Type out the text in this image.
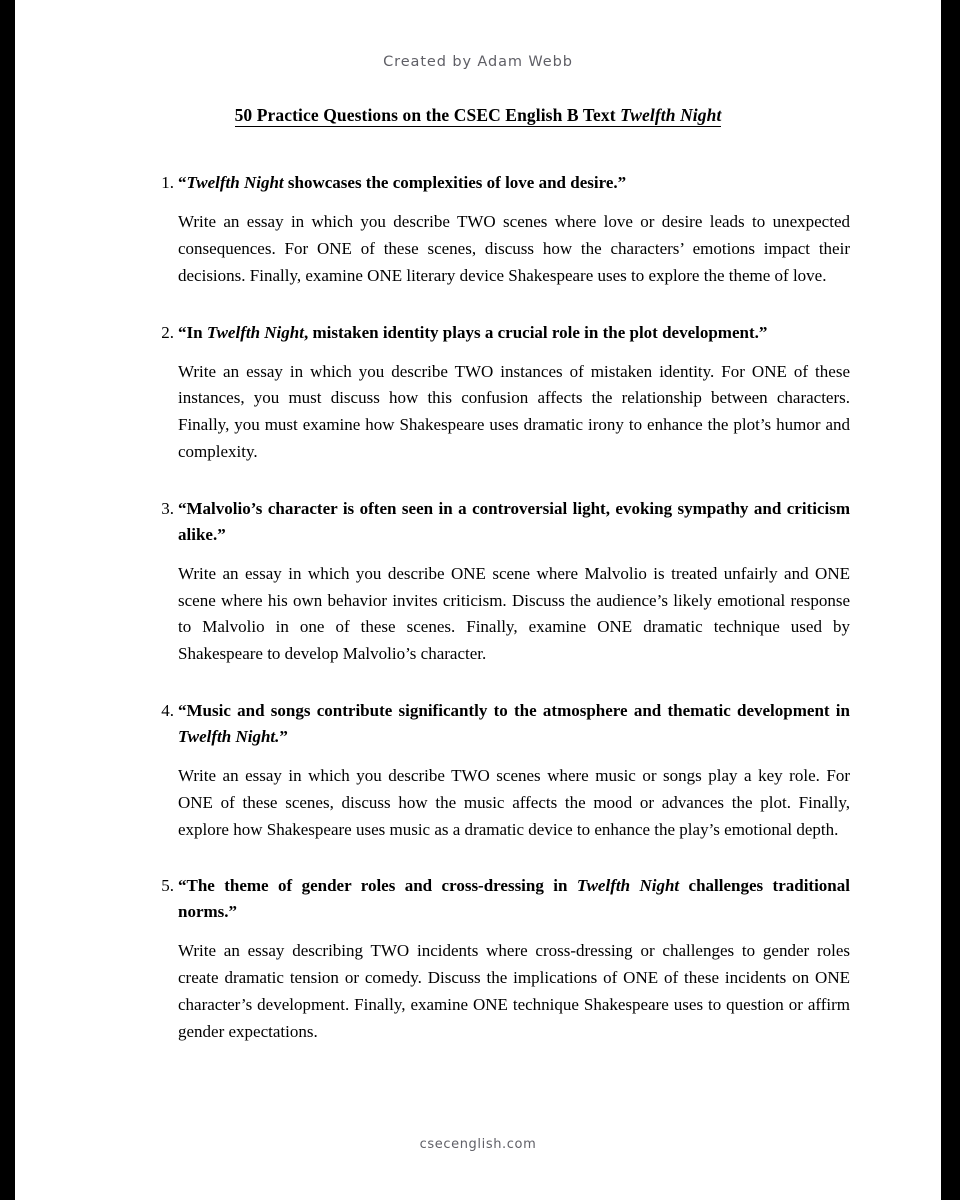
Created by Adam Webb
50 Practice Questions on the CSEC English B Text Twelfth Night
1. “Twelfth Night showcases the complexities of love and desire.”

Write an essay in which you describe TWO scenes where love or desire leads to unexpected consequences. For ONE of these scenes, discuss how the characters’ emotions impact their decisions. Finally, examine ONE literary device Shakespeare uses to explore the theme of love.

2. “In Twelfth Night, mistaken identity plays a crucial role in the plot development.”

Write an essay in which you describe TWO instances of mistaken identity. For ONE of these instances, you must discuss how this confusion affects the relationship between characters. Finally, you must examine how Shakespeare uses dramatic irony to enhance the plot’s humor and complexity.

3. “Malvolio’s character is often seen in a controversial light, evoking sympathy and criticism alike.”

Write an essay in which you describe ONE scene where Malvolio is treated unfairly and ONE scene where his own behavior invites criticism. Discuss the audience’s likely emotional response to Malvolio in one of these scenes. Finally, examine ONE dramatic technique used by Shakespeare to develop Malvolio’s character.

4. “Music and songs contribute significantly to the atmosphere and thematic development in Twelfth Night.”

Write an essay in which you describe TWO scenes where music or songs play a key role. For ONE of these scenes, discuss how the music affects the mood or advances the plot. Finally, explore how Shakespeare uses music as a dramatic device to enhance the play’s emotional depth.

5. “The theme of gender roles and cross-dressing in Twelfth Night challenges traditional norms.”

Write an essay describing TWO incidents where cross-dressing or challenges to gender roles create dramatic tension or comedy. Discuss the implications of ONE of these incidents on ONE character’s development. Finally, examine ONE technique Shakespeare uses to question or affirm gender expectations.

csecenglish.com
